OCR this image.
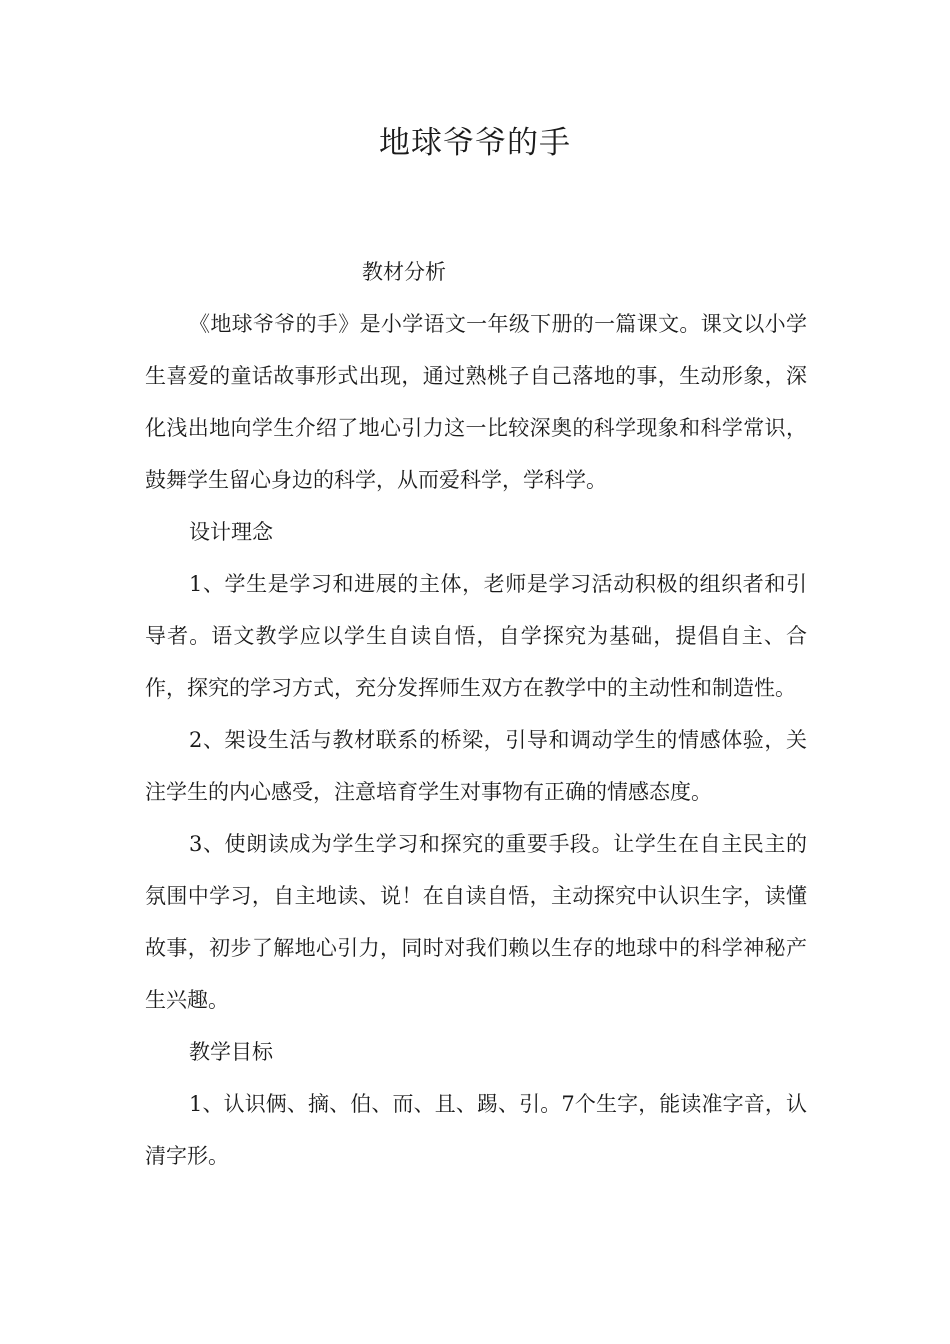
地球爷爷的手

教材分析

《地球爷爷的手》是小学语文一年级下册的一篇课文。课文以小学生喜爱的童话故事形式出现，通过熟桃子自己落地的事，生动形象，深化浅出地向学生介绍了地心引力这一比较深奥的科学现象和科学常识，鼓舞学生留心身边的科学，从而爱科学，学科学。

设计理念

1、学生是学习和进展的主体，老师是学习活动积极的组织者和引导者。语文教学应以学生自读自悟，自学探究为基础，提倡自主、合作，探究的学习方式，充分发挥师生双方在教学中的主动性和制造性。

2、架设生活与教材联系的桥梁，引导和调动学生的情感体验，关注学生的内心感受，注意培育学生对事物有正确的情感态度。

3、使朗读成为学生学习和探究的重要手段。让学生在自主民主的氛围中学习，自主地读、说！在自读自悟，主动探究中认识生字，读懂故事，初步了解地心引力，同时对我们赖以生存的地球中的科学神秘产生兴趣。

教学目标

1、认识俩、摘、伯、而、且、踢、引。7个生字，能读准字音，认清字形。
